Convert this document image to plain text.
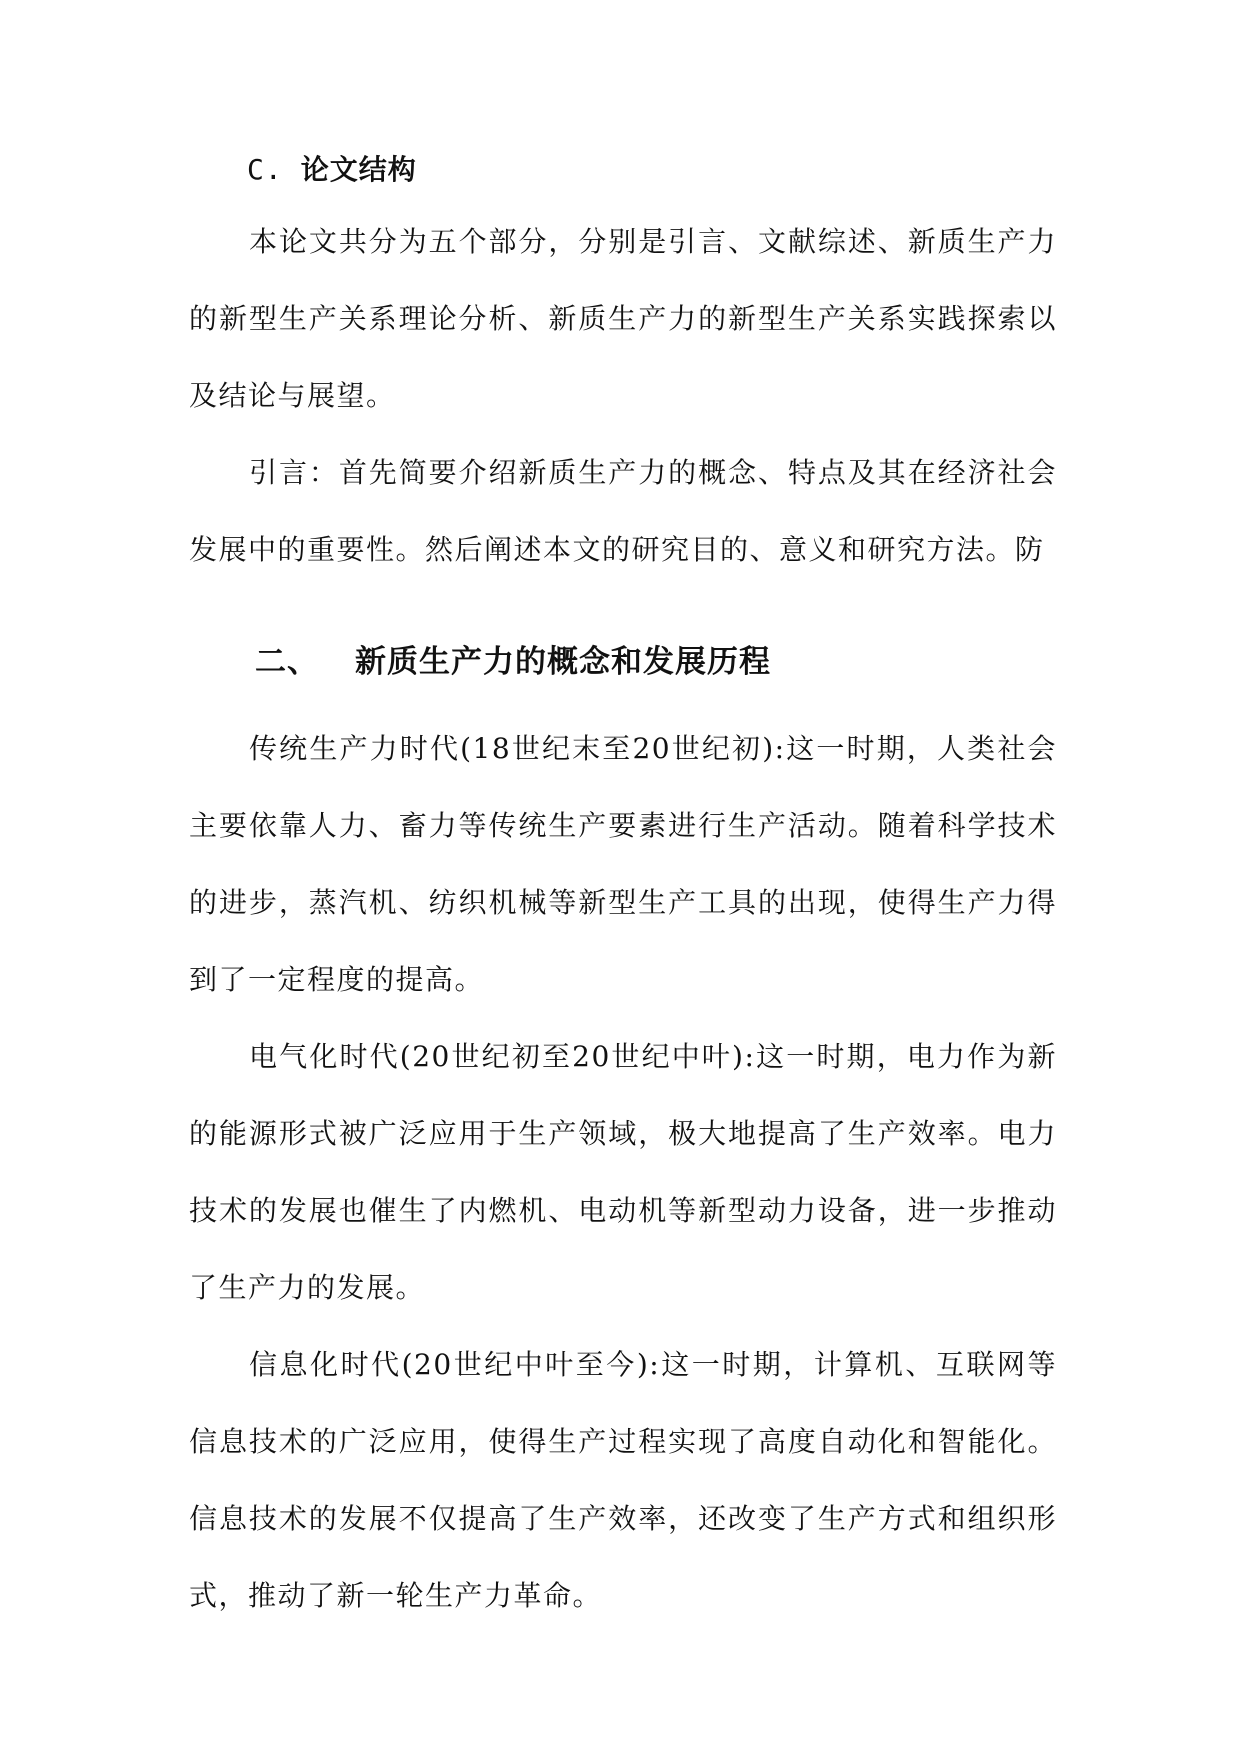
C. 论文结构

本论文共分为五个部分，分别是引言、文献综述、新质生产力的新型生产关系理论分析、新质生产力的新型生产关系实践探索以及结论与展望。

引言：首先简要介绍新质生产力的概念、特点及其在经济社会发展中的重要性。然后阐述本文的研究目的、意义和研究方法。防

二、 新质生产力的概念和发展历程

传统生产力时代(18世纪末至20世纪初):这一时期，人类社会主要依靠人力、畜力等传统生产要素进行生产活动。随着科学技术的进步，蒸汽机、纺织机械等新型生产工具的出现，使得生产力得到了一定程度的提高。

电气化时代(20世纪初至20世纪中叶):这一时期，电力作为新的能源形式被广泛应用于生产领域，极大地提高了生产效率。电力技术的发展也催生了内燃机、电动机等新型动力设备，进一步推动了生产力的发展。

信息化时代(20世纪中叶至今):这一时期，计算机、互联网等信息技术的广泛应用，使得生产过程实现了高度自动化和智能化。信息技术的发展不仅提高了生产效率，还改变了生产方式和组织形式，推动了新一轮生产力革命。
